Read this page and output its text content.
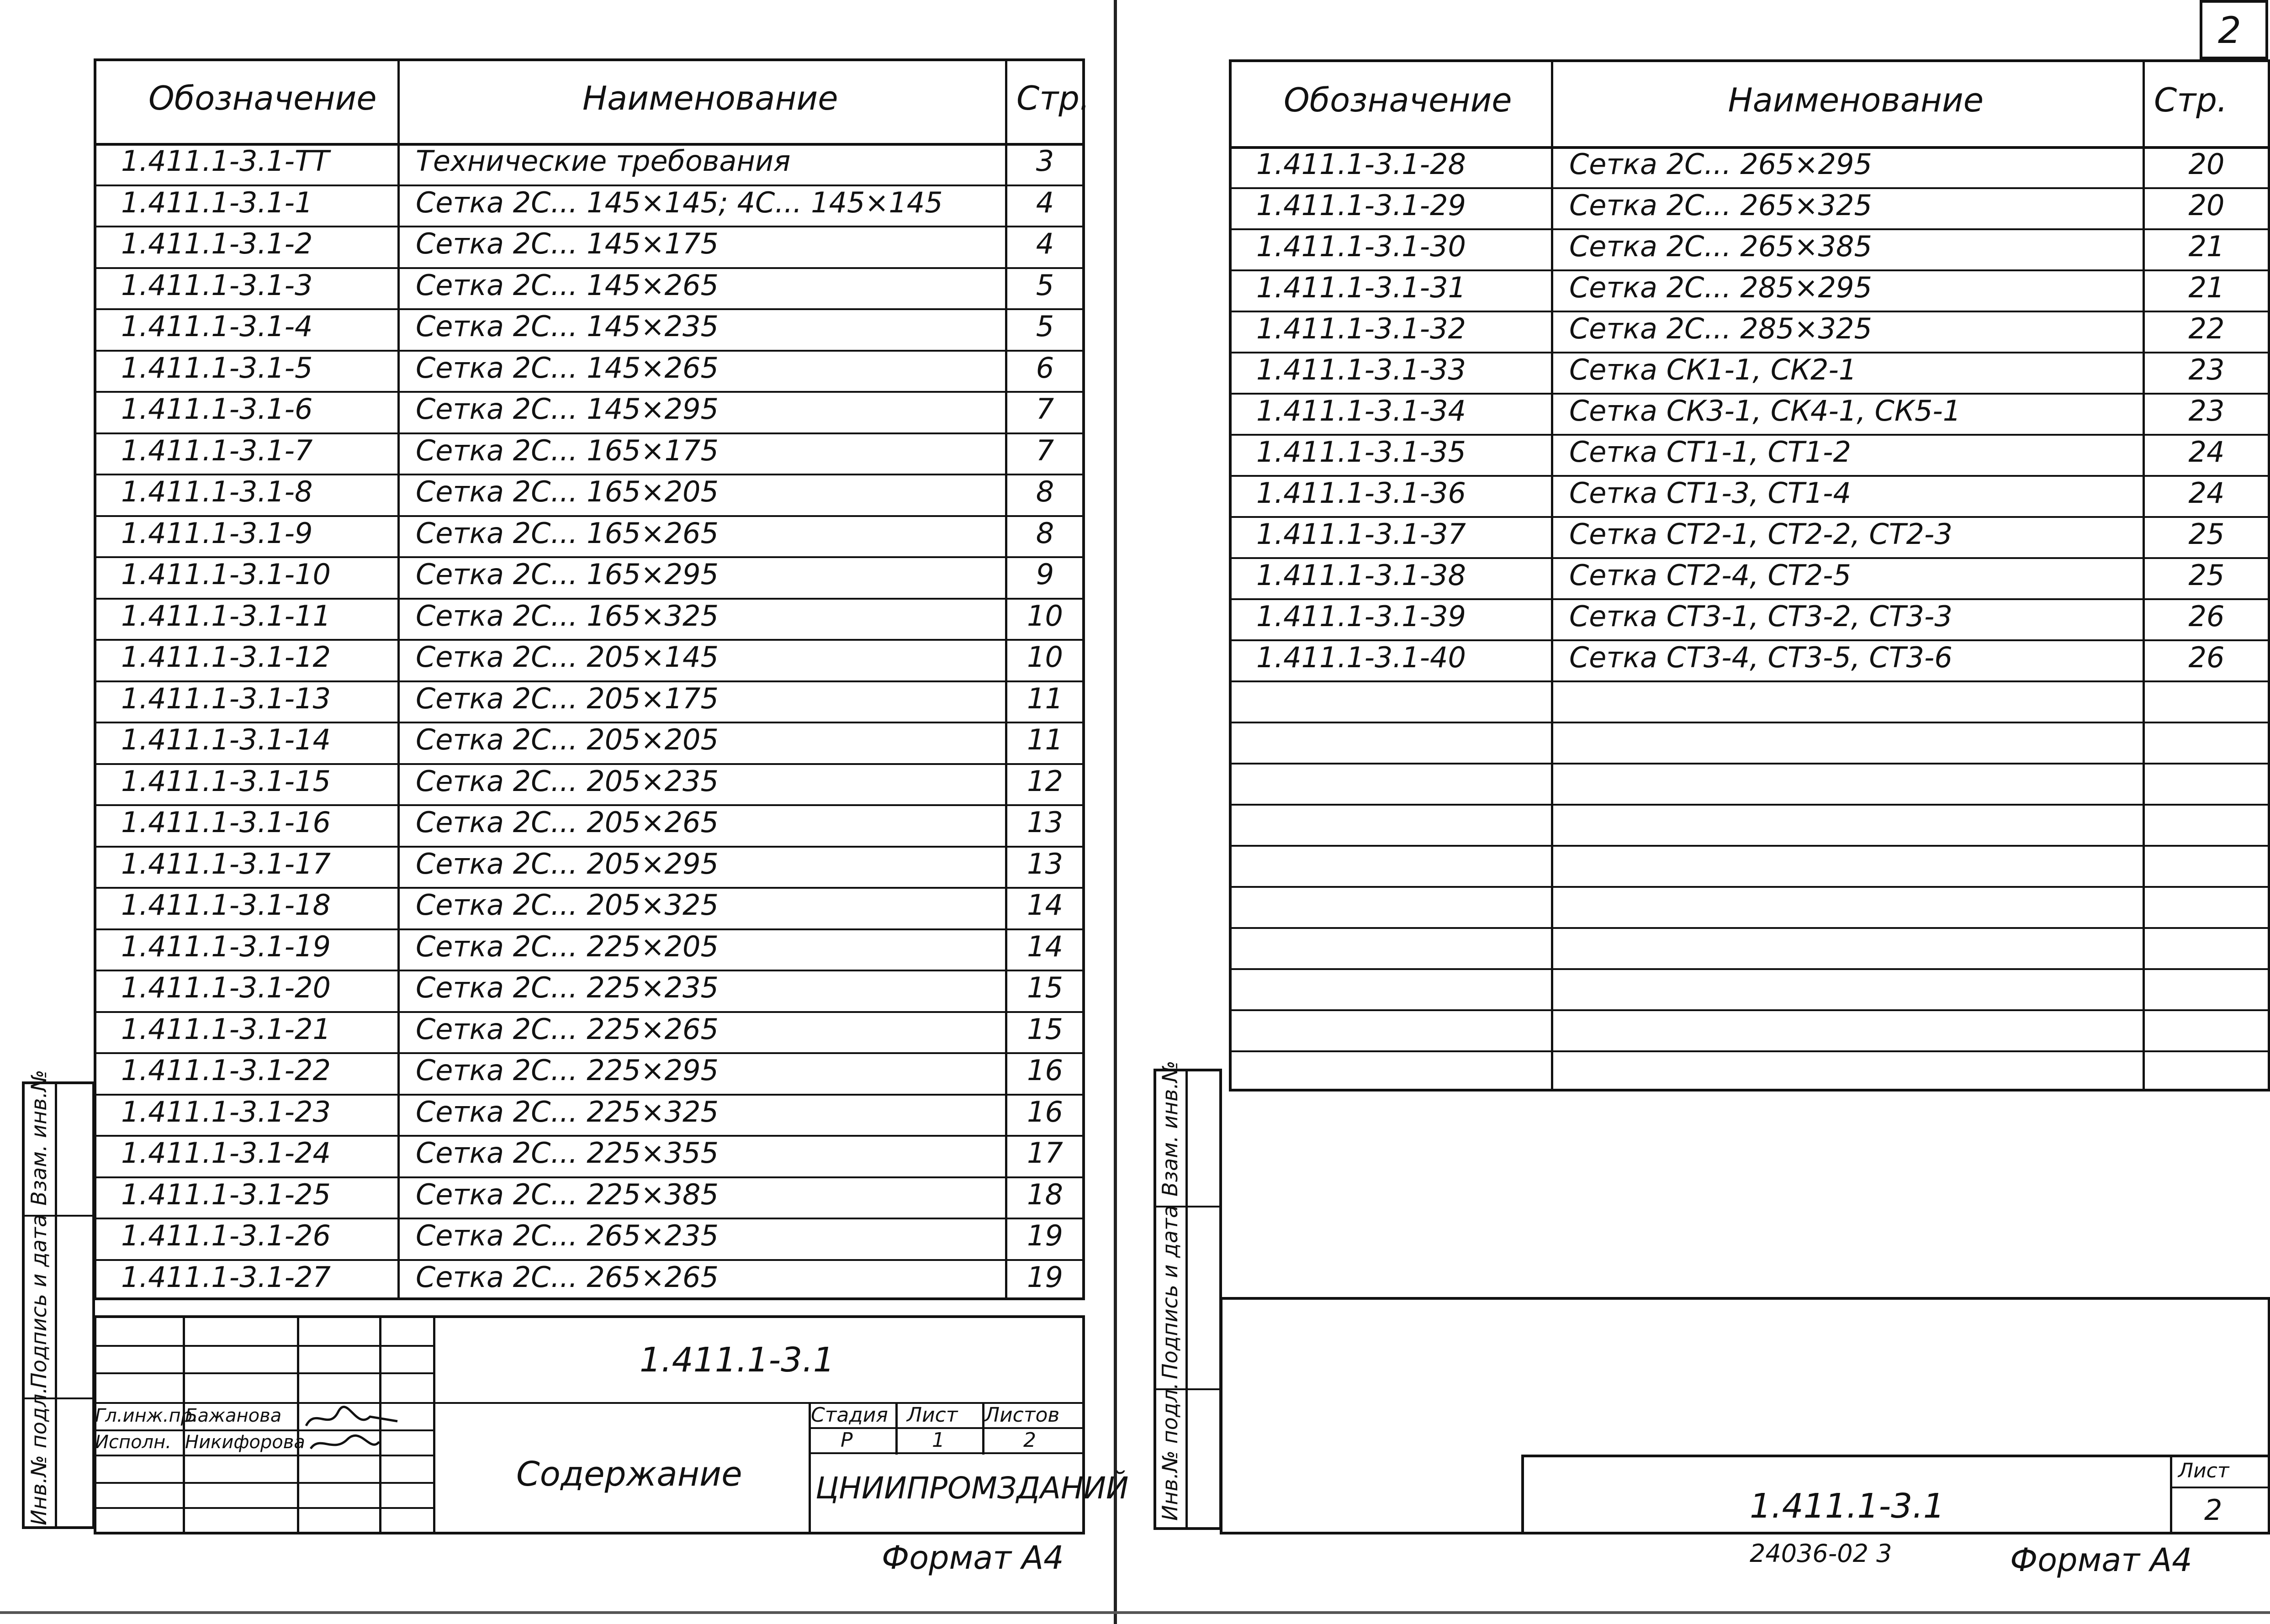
Обозначение	Наименование	Стр.
1.411.1-3.1-ТТ	Технические требования	3
1.411.1-3.1-1	Сетка 2С... 145×145; 4С... 145×145	4
1.411.1-3.1-2	Сетка 2С... 145×175	4
1.411.1-3.1-3	Сетка 2С... 145×265	5
1.411.1-3.1-4	Сетка 2С... 145×235	5
1.411.1-3.1-5	Сетка 2С... 145×265	6
1.411.1-3.1-6	Сетка 2С... 145×295	7
1.411.1-3.1-7	Сетка 2С... 165×175	7
1.411.1-3.1-8	Сетка 2С... 165×205	8
1.411.1-3.1-9	Сетка 2С... 165×265	8
1.411.1-3.1-10	Сетка 2С... 165×295	9
1.411.1-3.1-11	Сетка 2С... 165×325	10
1.411.1-3.1-12	Сетка 2С... 205×145	10
1.411.1-3.1-13	Сетка 2С... 205×175	11
1.411.1-3.1-14	Сетка 2С... 205×205	11
1.411.1-3.1-15	Сетка 2С... 205×235	12
1.411.1-3.1-16	Сетка 2С... 205×265	13
1.411.1-3.1-17	Сетка 2С... 205×295	13
1.411.1-3.1-18	Сетка 2С... 205×325	14
1.411.1-3.1-19	Сетка 2С... 225×205	14
1.411.1-3.1-20	Сетка 2С... 225×235	15
1.411.1-3.1-21	Сетка 2С... 225×265	15
1.411.1-3.1-22	Сетка 2С... 225×295	16
1.411.1-3.1-23	Сетка 2С... 225×325	16
1.411.1-3.1-24	Сетка 2С... 225×355	17
1.411.1-3.1-25	Сетка 2С... 225×385	18
1.411.1-3.1-26	Сетка 2С... 265×235	19
1.411.1-3.1-27	Сетка 2С... 265×265	19
Инв.№ подл.
Подпись и дата
Взам. инв.№
1.411.1-3.1
Содержание
Стадия Лист Листов
Р	1	2
ЦНИИПРОМЗДАНИЙ
Гл.инж.пр.
Бажанова
Испoлн. Никифорова
Формат А4
Обозначение	Наименование	Стр.
1.411.1-3.1-28	Сетка 2С... 265×295	20
1.411.1-3.1-29	Сетка 2С... 265×325	20
1.411.1-3.1-30	Сетка 2С... 265×385	21
1.411.1-3.1-31	Сетка 2С... 285×295	21
1.411.1-3.1-32	Сетка 2С... 285×325	22
1.411.1-3.1-33	Сетка СК1-1, СК2-1	23
1.411.1-3.1-34	Сетка СК3-1, СК4-1, СК5-1	23
1.411.1-3.1-35	Сетка СТ1-1, СТ1-2	24
1.411.1-3.1-36	Сетка СТ1-3, СТ1-4	24
1.411.1-3.1-37	Сетка СТ2-1, СТ2-2, СТ2-3	25
1.411.1-3.1-38	Сетка СТ2-4, СТ2-5	25
1.411.1-3.1-39	Сетка СТ3-1, СТ3-2, СТ3-3	26
1.411.1-3.1-40	Сетка СТ3-4, СТ3-5, СТ3-6	26
2
Инв.№ подл.
Подпись и дата
Взам. инв.№
Лист
2
1.411.1-3.1
24036-02 3	Формат А4
